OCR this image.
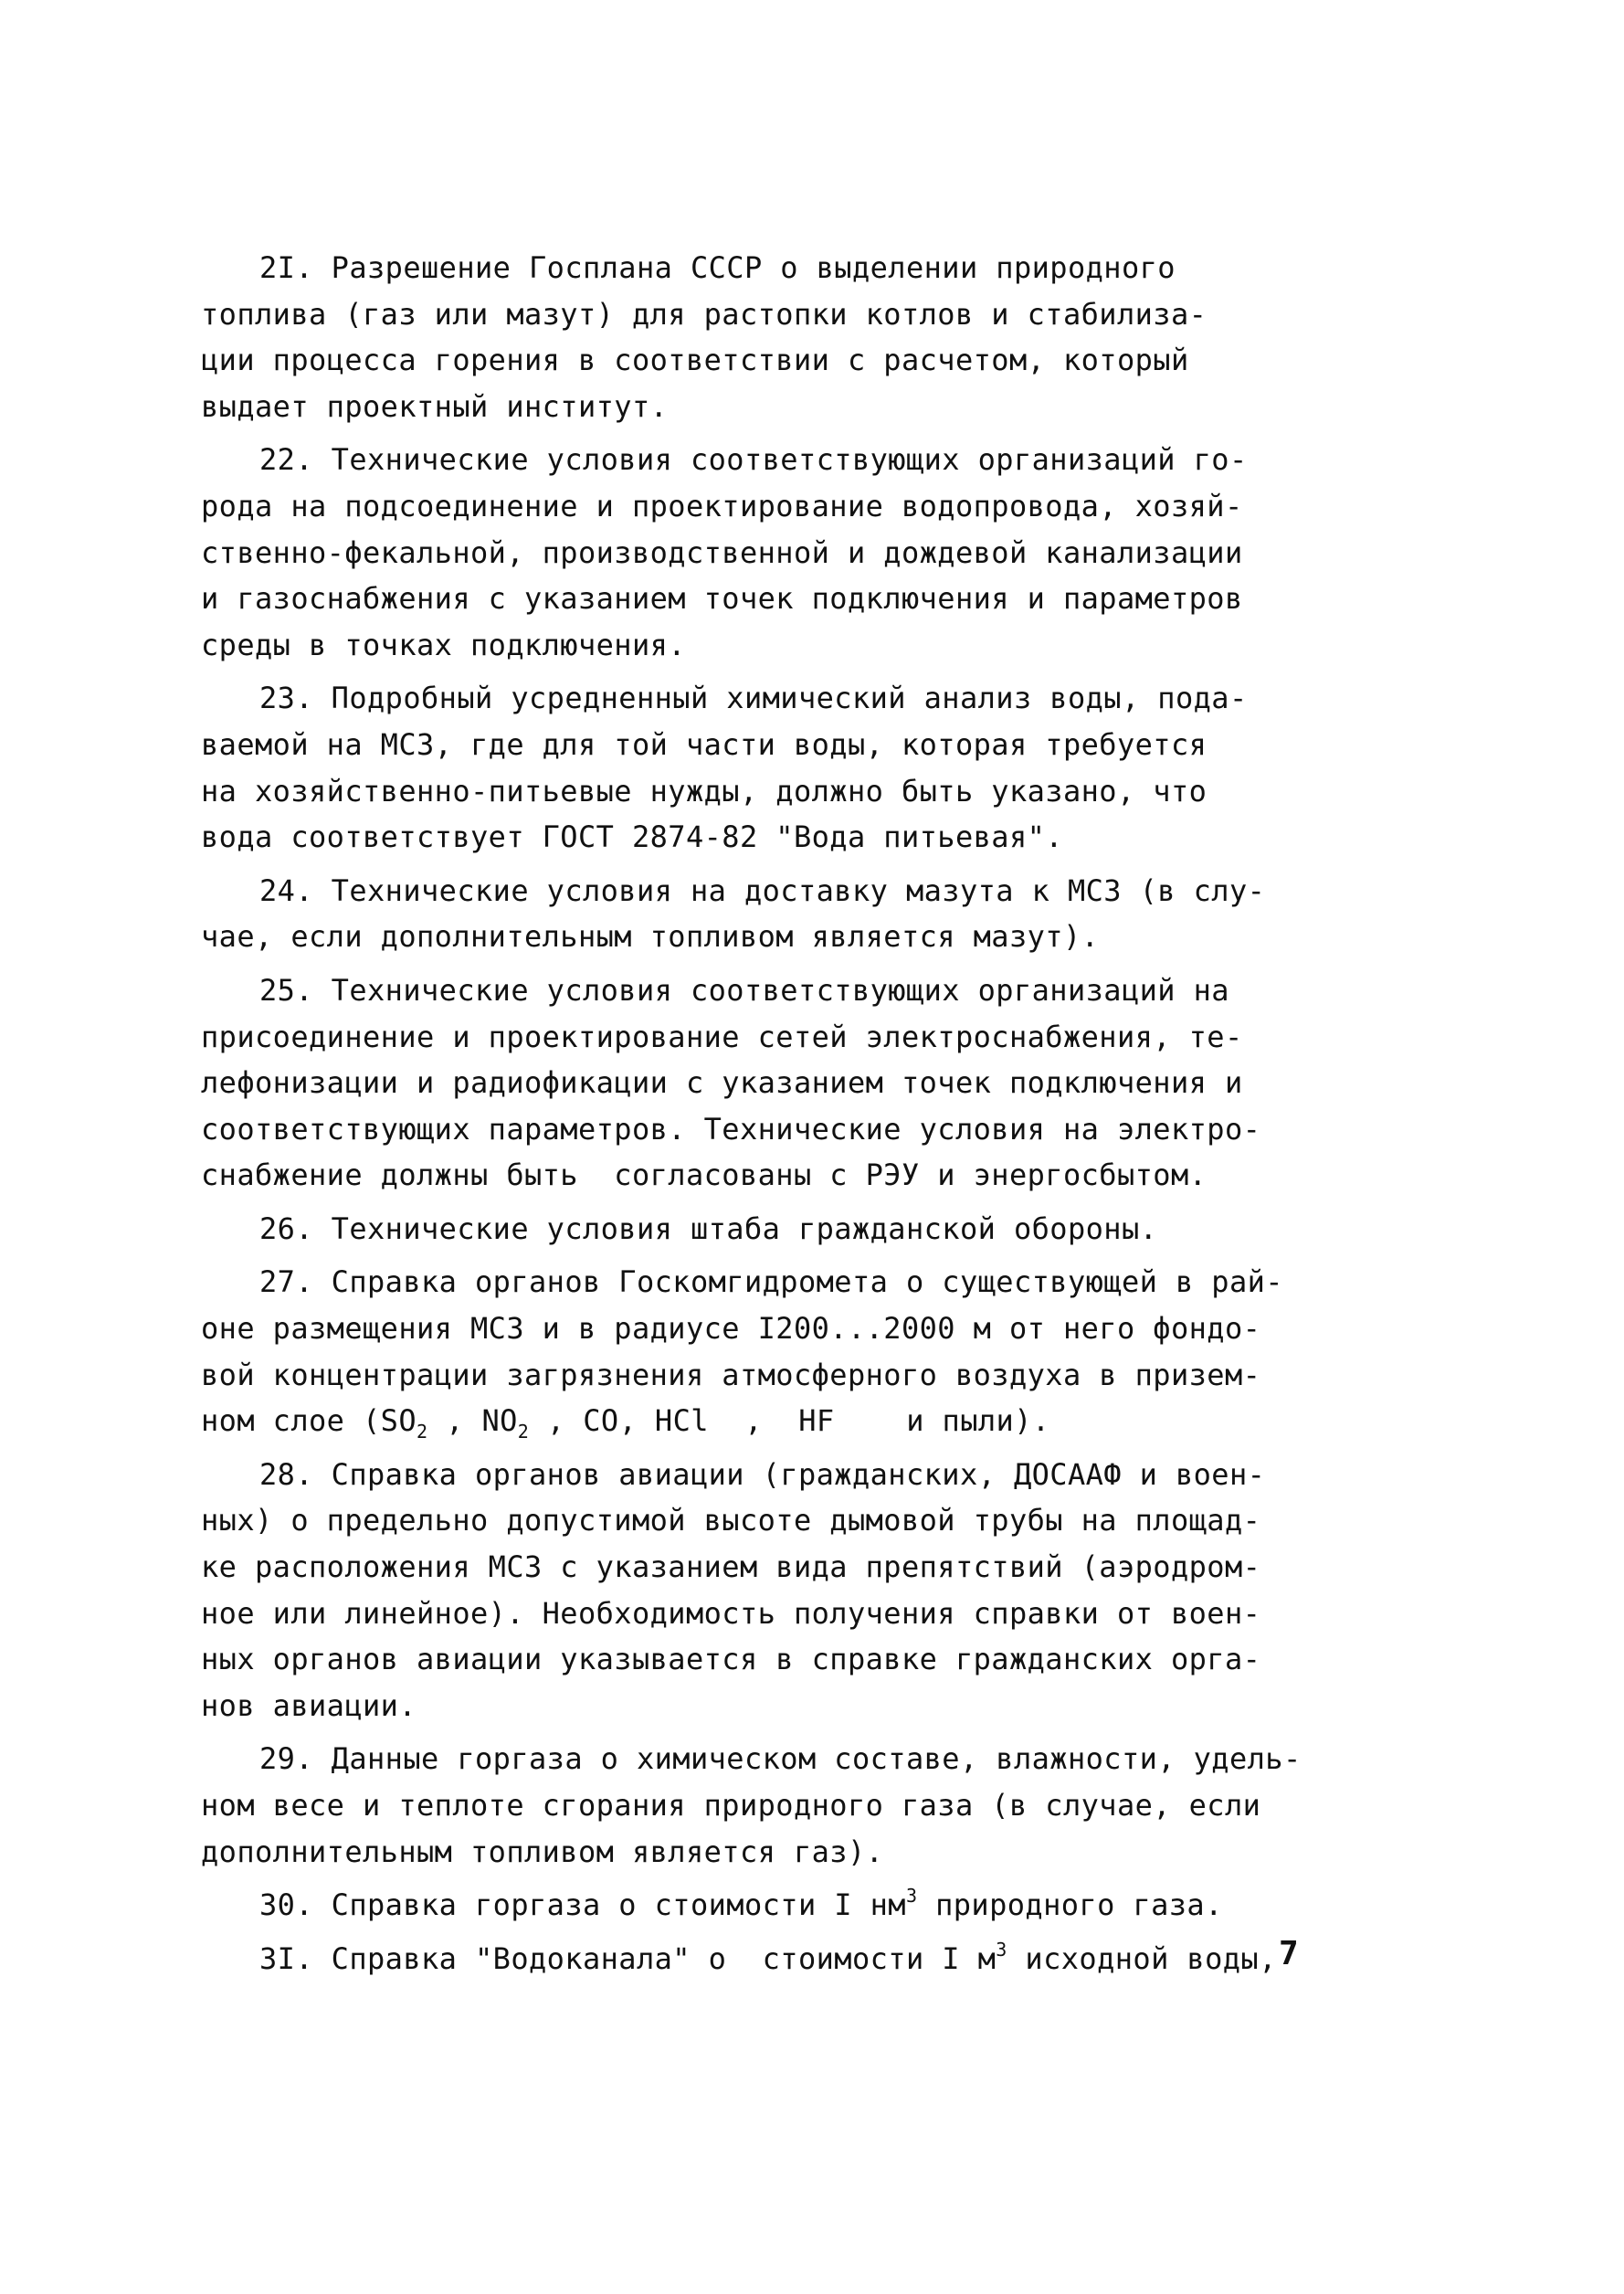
2I. Разрешение Госплана СССР о выделении природного
топлива (газ или мазут) для растопки котлов и стабилиза-
ции процесса горения в соответствии с расчетом, который
выдает проектный институт.
22. Технические условия соответствующих организаций го-
рода на подсоединение и проектирование водопровода, хозяй-
ственно-фекальной, производственной и дождевой канализации
и газоснабжения с указанием точек подключения и параметров
среды в точках подключения.
23. Подробный усредненный химический анализ воды, пода-
ваемой на МСЗ, где для той части воды, которая требуется
на хозяйственно-питьевые нужды, должно быть указано, что
вода соответствует ГОСТ 2874-82 "Вода питьевая".
24. Технические условия на доставку мазута к МСЗ (в слу-
чае, если дополнительным топливом является мазут).
25. Технические условия соответствующих организаций на
присоединение и проектирование сетей электроснабжения, те-
лефонизации и радиофикации с указанием точек подключения и
соответствующих параметров. Технические условия на электро-
снабжение должны быть  согласованы с РЭУ и энергосбытом.
26. Технические условия штаба гражданской обороны.
27. Справка органов Госкомгидромета о существующей в рай-
оне размещения МСЗ и в радиусе I200...2000 м от него фондо-
вой концентрации загрязнения атмосферного воздуха в призем-
ном слое ($SO_2$ , $NO_2$ , CO, HCl  ,  HF    и пыли).
28. Справка органов авиации (гражданских, ДОСААФ и воен-
ных) о предельно допустимой высоте дымовой трубы на площад-
ке расположения МСЗ с указанием вида препятствий (аэродром-
ное или линейное). Необходимость получения справки от воен-
ных органов авиации указывается в справке гражданских орга-
нов авиации.
29. Данные горгаза о химическом составе, влажности, удель-
ном весе и теплоте сгорания природного газа (в случае, если
дополнительным топливом является газ).
30. Справка горгаза о стоимости I $нм^3$ природного газа.
3I. Справка "Водоканала" о  стоимости I $м^3$ исходной воды, 7
